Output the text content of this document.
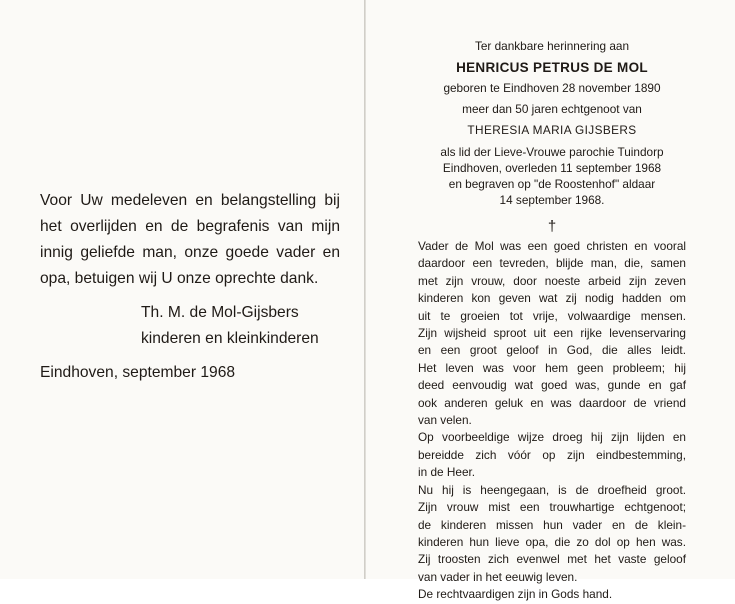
Voor Uw medeleven en belangstelling bij
het overlijden en de begrafenis van mijn
innig geliefde man, onze goede vader en
opa, betuigen wij U onze oprechte dank.
Th. M. de Mol-Gijsbers
kinderen en kleinkinderen
Eindhoven, september 1968
Ter dankbare herinnering aan
HENRICUS PETRUS DE MOL
geboren te Eindhoven 28 november 1890
meer dan 50 jaren echtgenoot van
THERESIA MARIA GIJSBERS
als lid der Lieve-Vrouwe parochie Tuindorp
Eindhoven, overleden 11 september 1968
en begraven op "de Roostenhof" aldaar
14 september 1968.
†
Vader de Mol was een goed christen en vooral
daardoor een tevreden, blijde man, die, samen
met zijn vrouw, door noeste arbeid zijn zeven
kinderen kon geven wat zij nodig hadden om
uit te groeien tot vrije, volwaardige mensen.
Zijn wijsheid sproot uit een rijke levenservaring
en een groot geloof in God, die alles leidt.
Het leven was voor hem geen probleem; hij
deed eenvoudig wat goed was, gunde en gaf
ook anderen geluk en was daardoor de vriend
van velen.
Op voorbeeldige wijze droeg hij zijn lijden en
bereidde zich vóór op zijn eindbestemming,
in de Heer.
Nu hij is heengegaan, is de droefheid groot.
Zijn vrouw mist een trouwhartige echtgenoot;
de kinderen missen hun vader en de klein-
kinderen hun lieve opa, die zo dol op hen was.
Zij troosten zich evenwel met het vaste geloof
van vader in het eeuwig leven.
De rechtvaardigen zijn in Gods hand.
